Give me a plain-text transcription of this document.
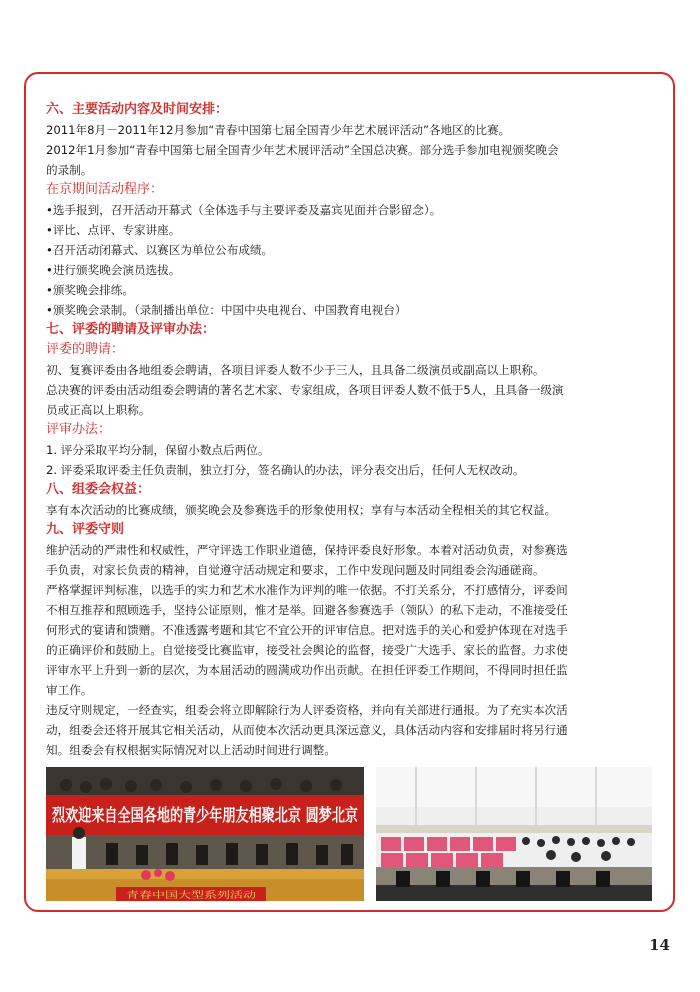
六、主要活动内容及时间安排：

2011年8月－2011年12月参加“青春中国第七届全国青少年艺术展评活动”各地区的比赛。

2012年1月参加“青春中国第七届全国青少年艺术展评活动”全国总决赛。部分选手参加电视颁奖晚会

的录制。

在京期间活动程序：

•选手报到，召开活动开幕式（全体选手与主要评委及嘉宾见面并合影留念）。

•评比、点评、专家讲座。

•召开活动闭幕式、以赛区为单位公布成绩。

•进行颁奖晚会演员选拔。

•颁奖晚会排练。

•颁奖晚会录制。（录制播出单位：中国中央电视台、中国教育电视台）

七、评委的聘请及评审办法：

评委的聘请：

初、复赛评委由各地组委会聘请，各项目评委人数不少于三人，且具备二级演员或副高以上职称。

总决赛的评委由活动组委会聘请的著名艺术家、专家组成，各项目评委人数不低于5人，且具备一级演

员或正高以上职称。

评审办法：

1. 评分采取平均分制，保留小数点后两位。

2. 评委采取评委主任负责制，独立打分，签名确认的办法，评分表交出后，任何人无权改动。

八、组委会权益：

享有本次活动的比赛成绩，颁奖晚会及参赛选手的形象使用权；享有与本活动全程相关的其它权益。

九、评委守则

维护活动的严肃性和权威性，严守评选工作职业道德，保持评委良好形象。本着对活动负责，对参赛选

手负责，对家长负责的精神，自觉遵守活动规定和要求，工作中发现问题及时同组委会沟通磋商。

严格掌握评判标准，以选手的实力和艺术水准作为评判的唯一依据。不打关系分，不打感情分，评委间

不相互推荐和照顾选手，坚持公证原则，惟才是举。回避各参赛选手（领队）的私下走动，不准接受任

何形式的宴请和馈赠。不准透露考题和其它不宜公开的评审信息。把对选手的关心和爱护体现在对选手

的正确评价和鼓励上。自觉接受比赛监审，接受社会舆论的监督，接受广大选手、家长的监督。力求使

评审水平上升到一新的层次，为本届活动的圆满成功作出贡献。在担任评委工作期间，不得同时担任监

审工作。

违反守则规定，一经查实，组委会将立即解除行为人评委资格，并向有关部进行通报。为了充实本次活

动，组委会还将开展其它相关活动，从而使本次活动更具深远意义，具体活动内容和安排届时将另行通

知。组委会有权根据实际情况对以上活动时间进行调整。

烈欢迎来自全国各地的青少年朋友相聚北京 圆梦北京
青春中国大型系列活动
14
